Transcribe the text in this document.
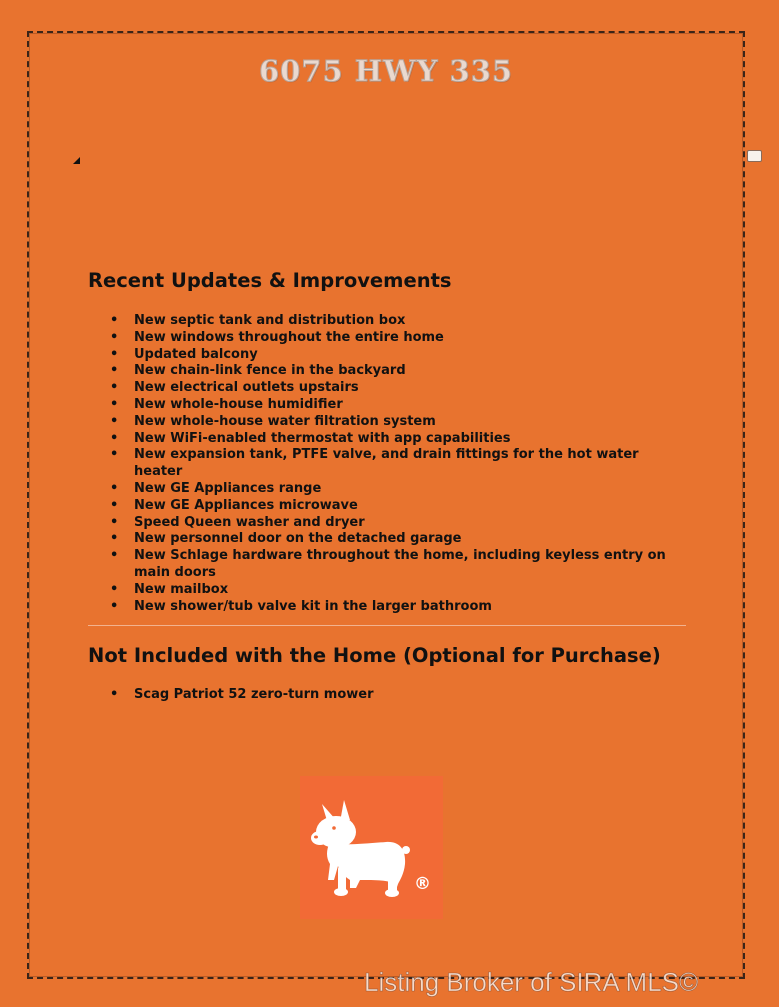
6075 HWY 335
Recent Updates & Improvements
• New septic tank and distribution box
• New windows throughout the entire home
• Updated balcony
• New chain-link fence in the backyard
• New electrical outlets upstairs
• New whole-house humidifier
• New whole-house water filtration system
• New WiFi-enabled thermostat with app capabilities
• New expansion tank, PTFE valve, and drain fittings for the hot water heater
• New GE Appliances range
• New GE Appliances microwave
• Speed Queen washer and dryer
• New personnel door on the detached garage
• New Schlage hardware throughout the home, including keyless entry on main doors
• New mailbox
• New shower/tub valve kit in the larger bathroom
Not Included with the Home (Optional for Purchase)
• Scag Patriot 52 zero-turn mower
®
Listing Broker of SIRA MLS©
